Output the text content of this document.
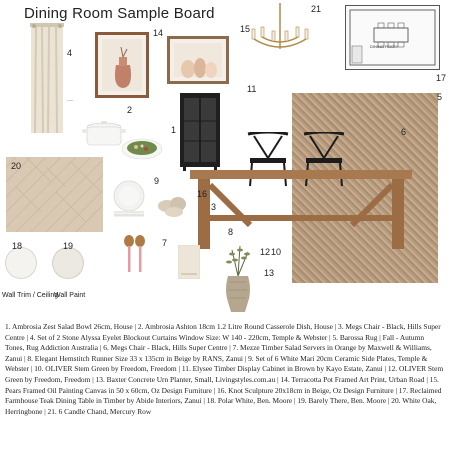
Dining Room Sample Board
—
DINING ROOM
Wall Trim / Ceiling
Wall Paint
1
2
3
4
5
6
7
8
9
10
11
12
13
14	15
16
17
18	19
20
21
1. Ambrosia Zest Salad Bowl 26cm, House | 2. Ambrosia Ashton 18cm 1.2 Litre Round Casserole Dish, House | 3. Megs Chair - Black, Hills Super Centre | 4. Set of 2 Stone Alyssa Eyelet Blockout Curtains Window Size: W 140 - 220cm, Temple & Webster | 5. Barossa Rug | Fall - Autumn Tones, Rug Addiction Australia | 6. Megs Chair - Black, Hills Super Centre | 7. Mezze Timber Salad Servers in Orange by Maxwell & Williams, Zanui | 8. Elegant Hemstitch Runner Size 33 x 135cm in Beige by RANS, Zanui | 9. Set of 6 White Mari 20cm Ceramic Side Plates, Temple & Webster | 10. OLIVER Stem Green by Freedom, Freedom | 11. Elysee Timber Display Cabinet in Brown by Kayo Estate, Zanui | 12. OLIVER Stem Green by Freedom, Freedom | 13. Baxter Concrete Urn Planter, Small, Livingstyles.com.au | 14. Terracotta Pot Framed Art Print, Urban Road | 15. Pears Framed Oil Painting Canvas in 50 x 60cm, Oz Design Furniture | 16. Knot Sculpture 20x18cm in Beige, Oz Design Furniture | 17. Reclaimed Farmhouse Teak Dining Table in Timber by Abide Interiors, Zanui | 18. Polar White, Ben. Moore | 19. Barely There, Ben. Moore | 20. White Oak, Herringbone | 21. 6 Candle Chand, Mercury Row
